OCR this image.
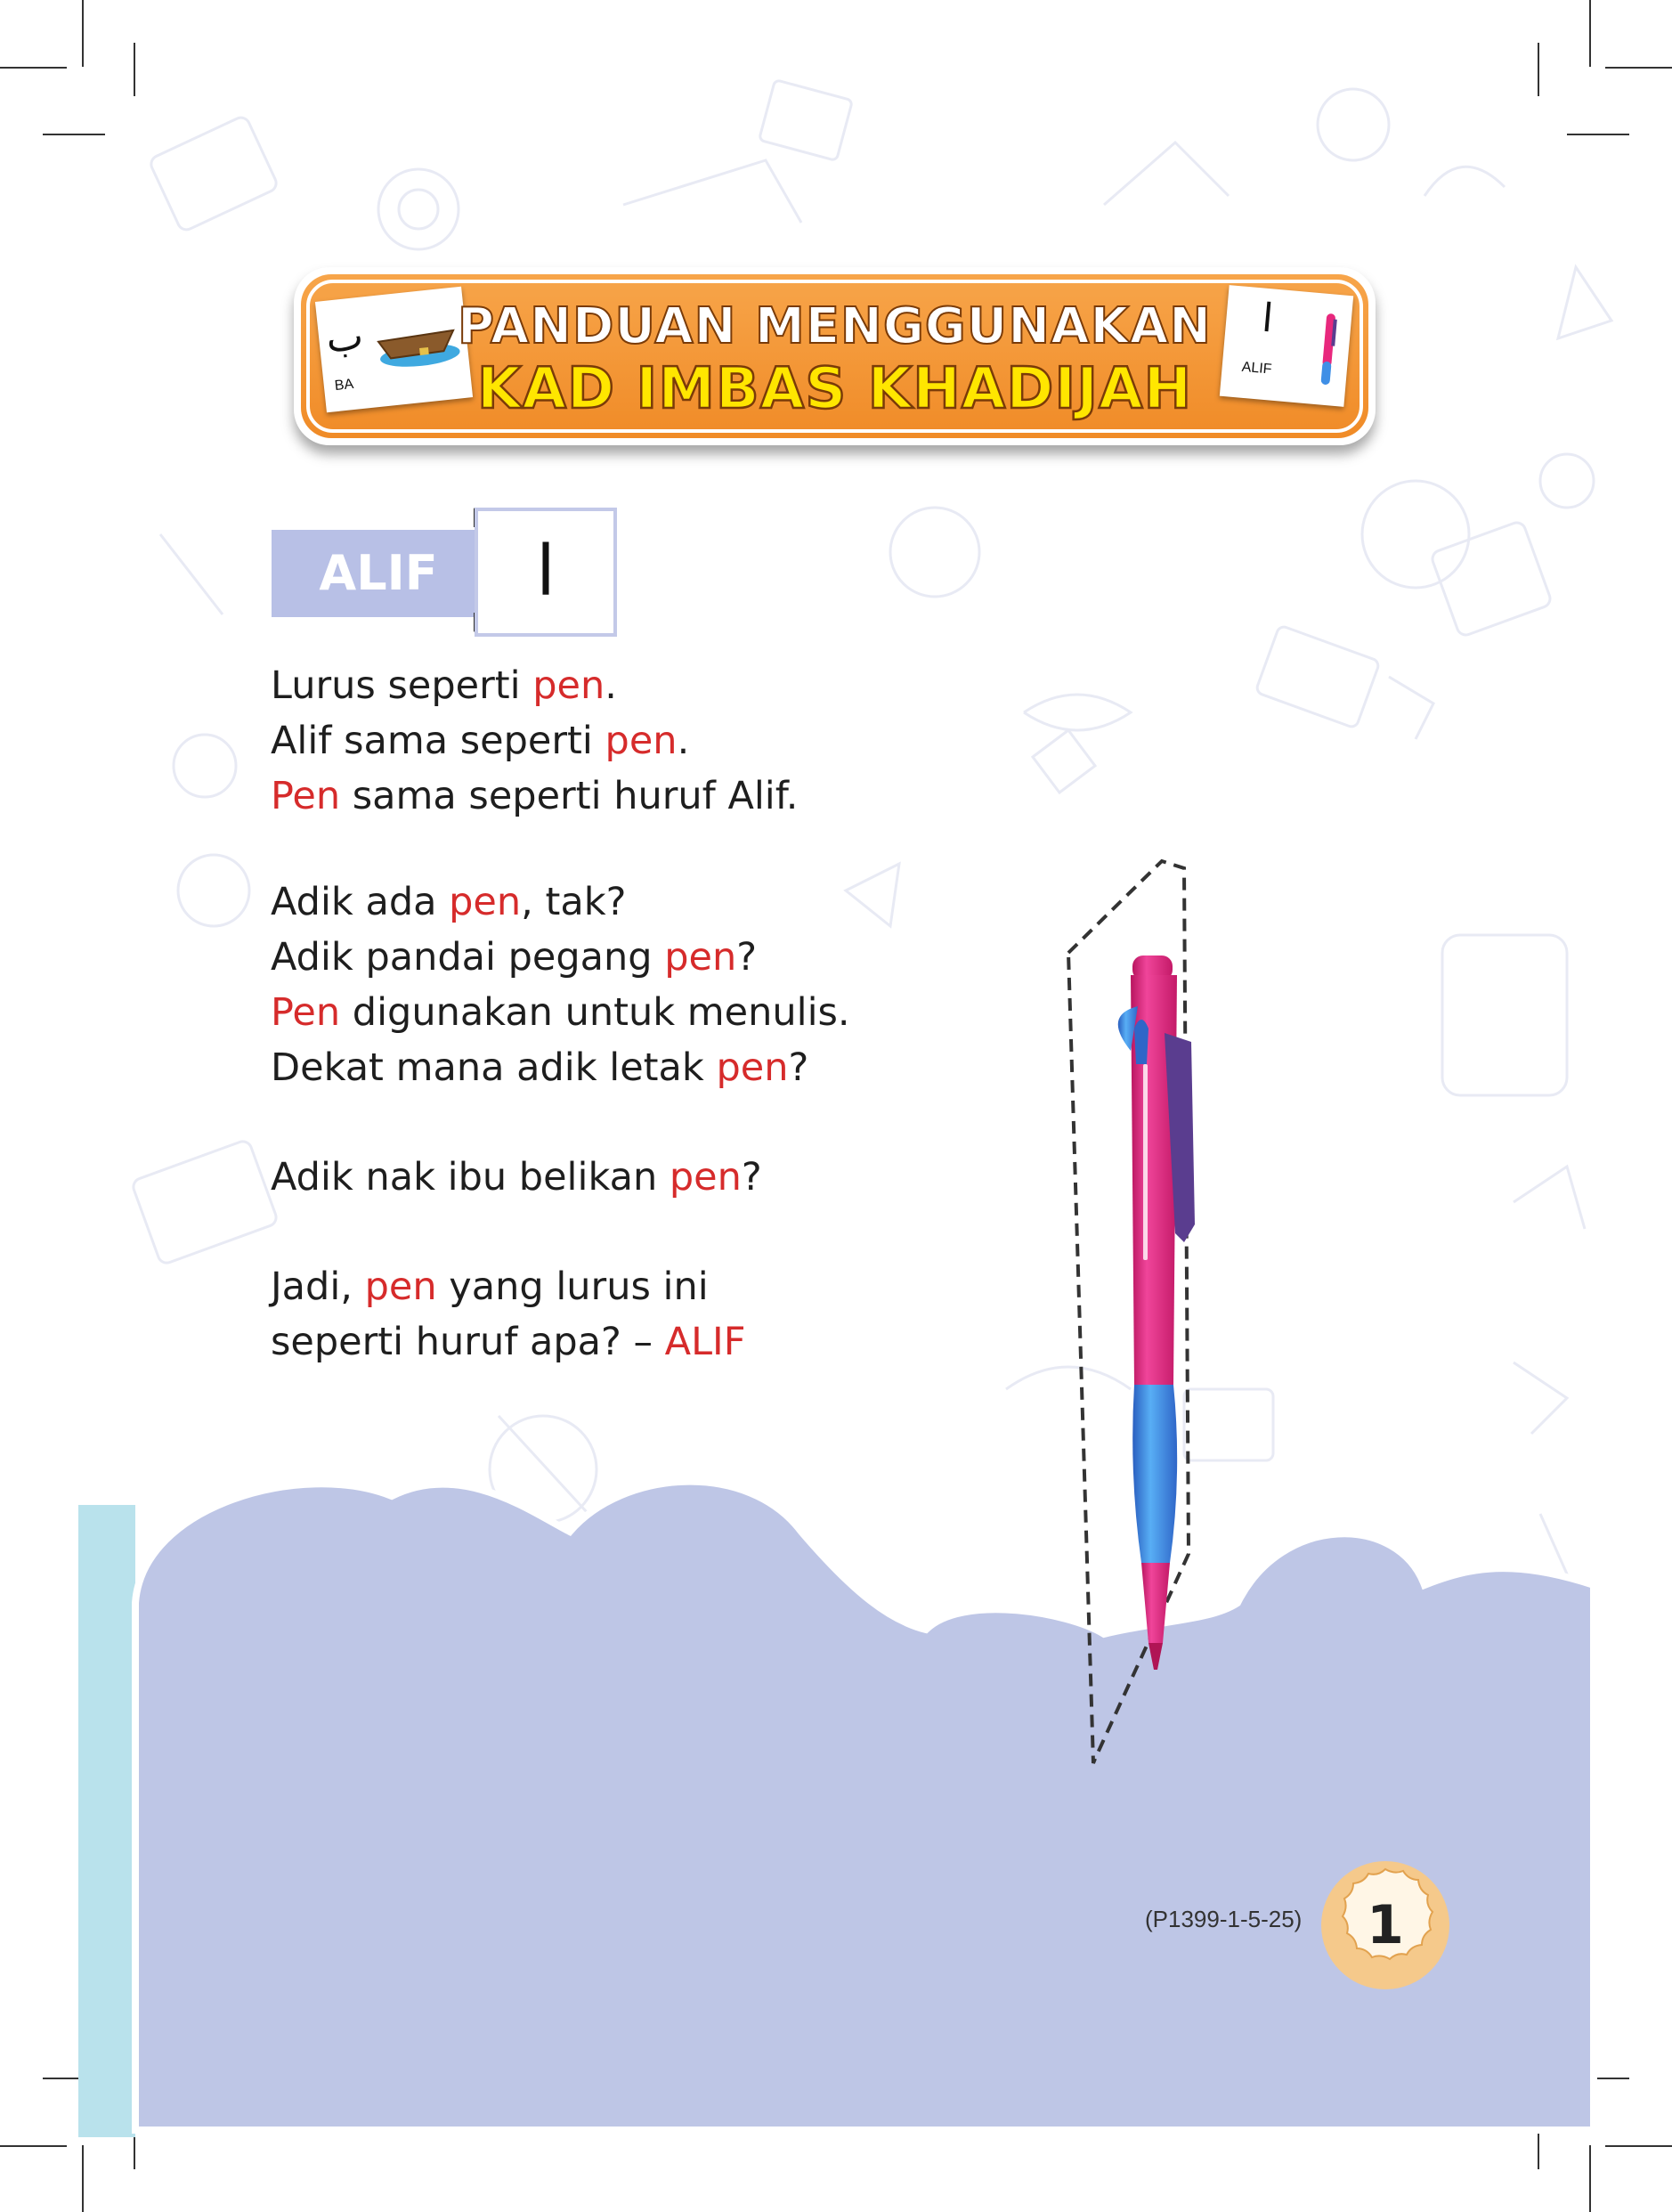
ب
BA
PANDUAN MENGGUNAKAN
KAD IMBAS KHADIJAH
ا
ALIF
ALIF	ا
Lurus seperti pen.
Alif sama seperti pen.
Pen sama seperti huruf Alif.
Adik ada pen, tak?
Adik pandai pegang pen?
Pen digunakan untuk menulis.
Dekat mana adik letak pen?
Adik nak ibu belikan pen?
Jadi, pen yang lurus ini
seperti huruf apa? – ALIF
(P1399-1-5-25)	1
